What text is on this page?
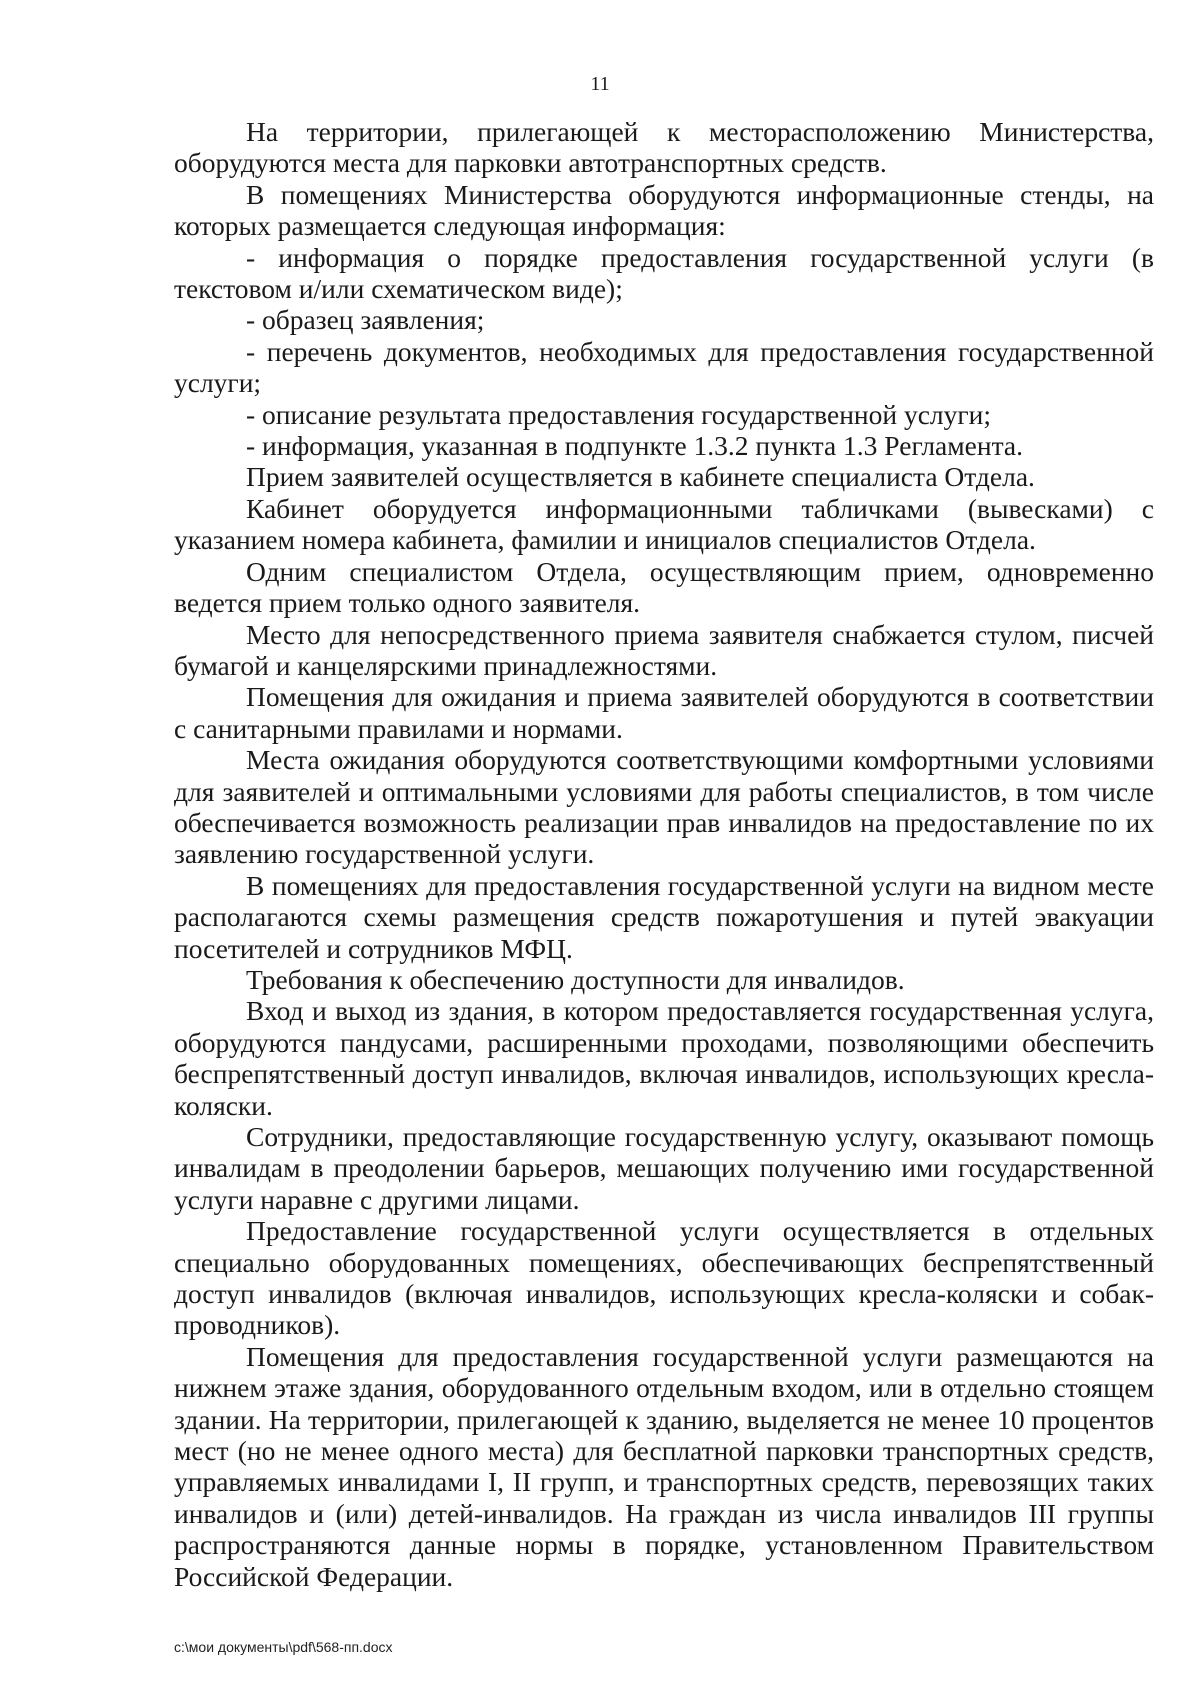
11

На территории, прилегающей к месторасположению Министерства, оборудуются места для парковки автотранспортных средств.

В помещениях Министерства оборудуются информационные стенды, на которых размещается следующая информация:

- информация о порядке предоставления государственной услуги (в текстовом и/или схематическом виде);

- образец заявления;

- перечень документов, необходимых для предоставления государственной услуги;

- описание результата предоставления государственной услуги;

- информация, указанная в подпункте 1.3.2 пункта 1.3 Регламента.

Прием заявителей осуществляется в кабинете специалиста Отдела.

Кабинет оборудуется информационными табличками (вывесками) с указанием номера кабинета, фамилии и инициалов специалистов Отдела.

Одним специалистом Отдела, осуществляющим прием, одновременно ведется прием только одного заявителя.

Место для непосредственного приема заявителя снабжается стулом, писчей бумагой и канцелярскими принадлежностями.

Помещения для ожидания и приема заявителей оборудуются в соответствии с санитарными правилами и нормами.

Места ожидания оборудуются соответствующими комфортными условиями для заявителей и оптимальными условиями для работы специалистов, в том числе обеспечивается возможность реализации прав инвалидов на предоставление по их заявлению государственной услуги.

В помещениях для предоставления государственной услуги на видном месте располагаются схемы размещения средств пожаротушения и путей эвакуации посетителей и сотрудников МФЦ.

Требования к обеспечению доступности для инвалидов.

Вход и выход из здания, в котором предоставляется государственная услуга, оборудуются пандусами, расширенными проходами, позволяющими обеспечить беспрепятственный доступ инвалидов, включая инвалидов, использующих кресла-коляски.

Сотрудники, предоставляющие государственную услугу, оказывают помощь инвалидам в преодолении барьеров, мешающих получению ими государственной услуги наравне с другими лицами.

Предоставление государственной услуги осуществляется в отдельных специально оборудованных помещениях, обеспечивающих беспрепятственный доступ инвалидов (включая инвалидов, использующих кресла-коляски и собак-проводников).

Помещения для предоставления государственной услуги размещаются на нижнем этаже здания, оборудованного отдельным входом, или в отдельно стоящем здании. На территории, прилегающей к зданию, выделяется не менее 10 процентов мест (но не менее одного места) для бесплатной парковки транспортных средств, управляемых инвалидами I, II групп, и транспортных средств, перевозящих таких инвалидов и (или) детей-инвалидов. На граждан из числа инвалидов III группы распространяются данные нормы в порядке, установленном Правительством Российской Федерации.

c:\мои документы\pdf\568-пп.docx
